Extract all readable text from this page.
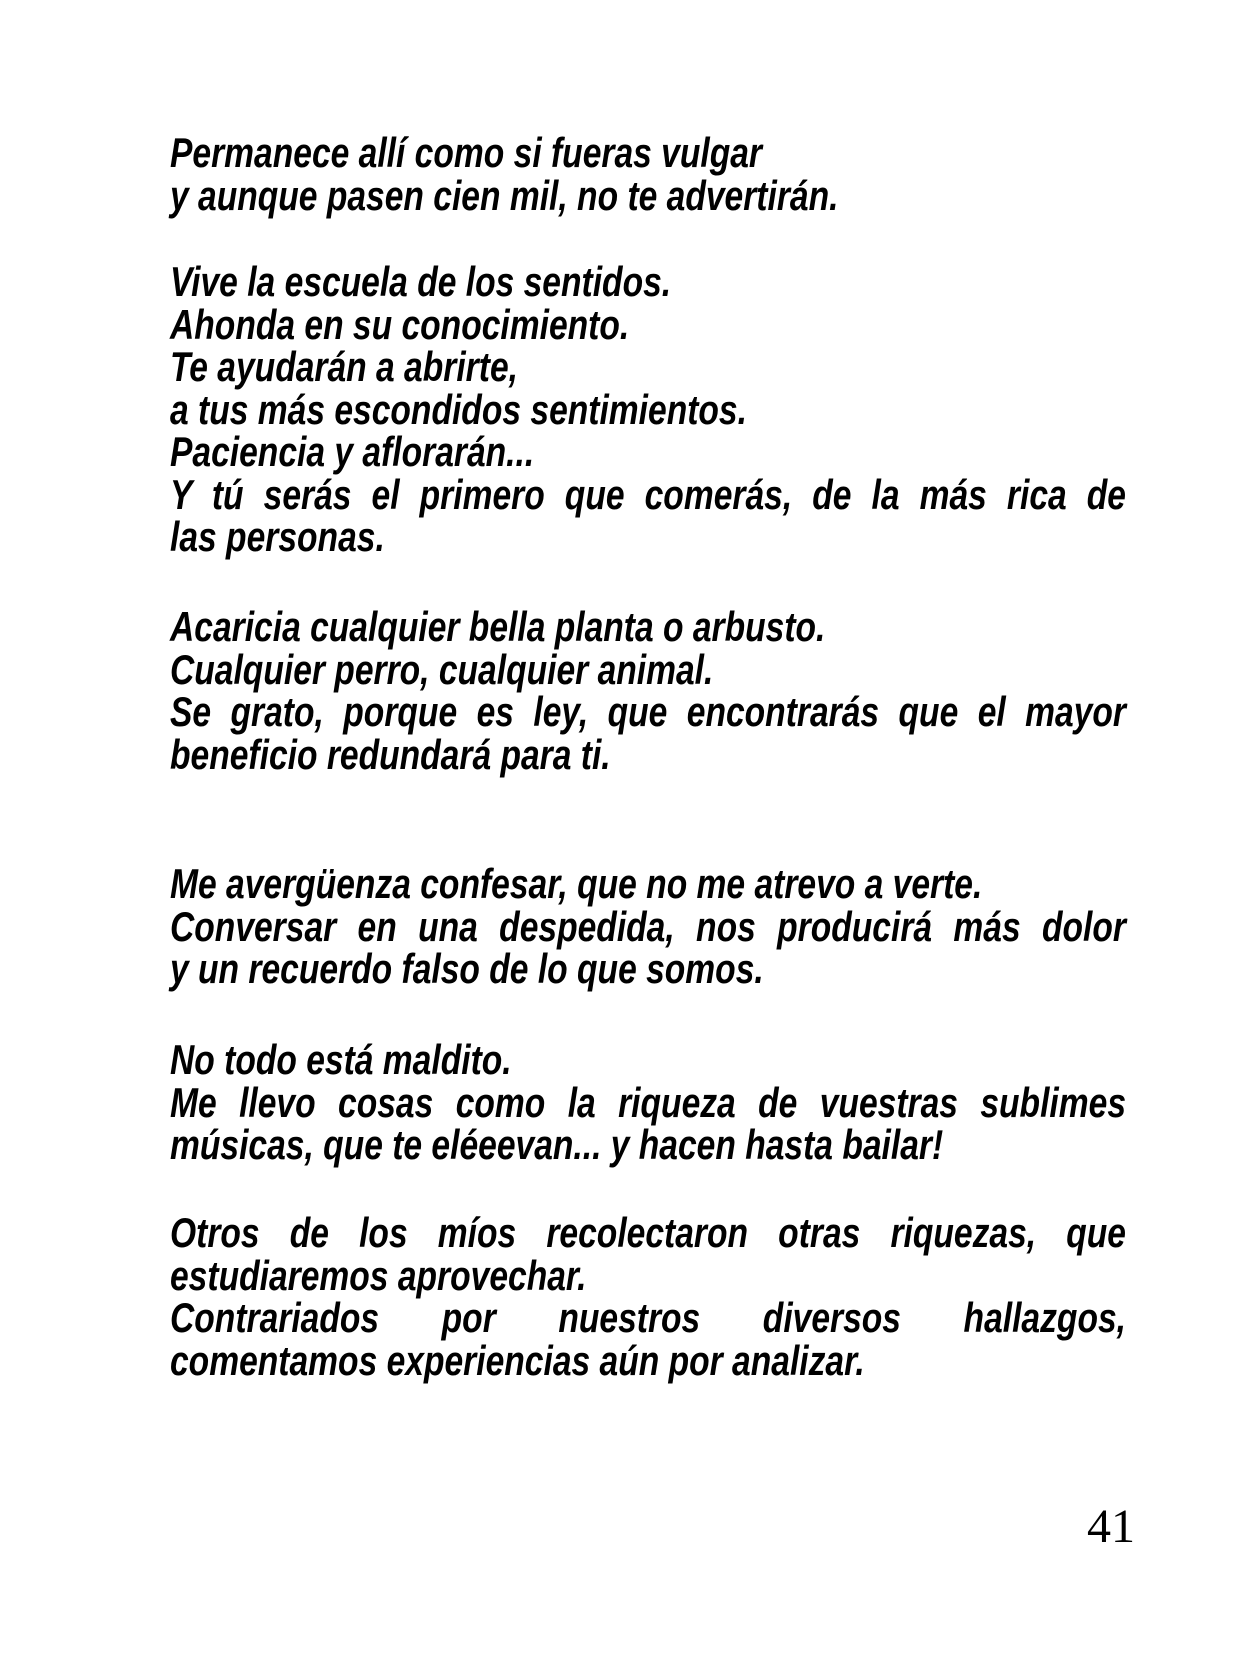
Permanece allí como si fueras vulgar
y aunque pasen cien mil, no te advertirán.
Vive la escuela de los sentidos.
Ahonda en su conocimiento.
Te ayudarán a abrirte,
a tus más escondidos sentimientos.
Paciencia y aflorarán...
Y tú serás el primero que comerás, de la más rica de
las personas.
Acaricia cualquier bella planta o arbusto.
Cualquier perro, cualquier animal.
Se grato, porque es ley, que encontrarás que el mayor
beneficio redundará para ti.
Me avergüenza confesar, que no me atrevo a verte.
Conversar en una despedida, nos producirá más dolor
y un recuerdo falso de lo que somos.
No todo está maldito.
Me llevo cosas como la riqueza de vuestras sublimes
músicas, que te eléeevan... y hacen hasta bailar!
Otros de los míos recolectaron otras riquezas, que
estudiaremos aprovechar.
Contrariados por nuestros diversos hallazgos,
comentamos experiencias aún por analizar.
41
